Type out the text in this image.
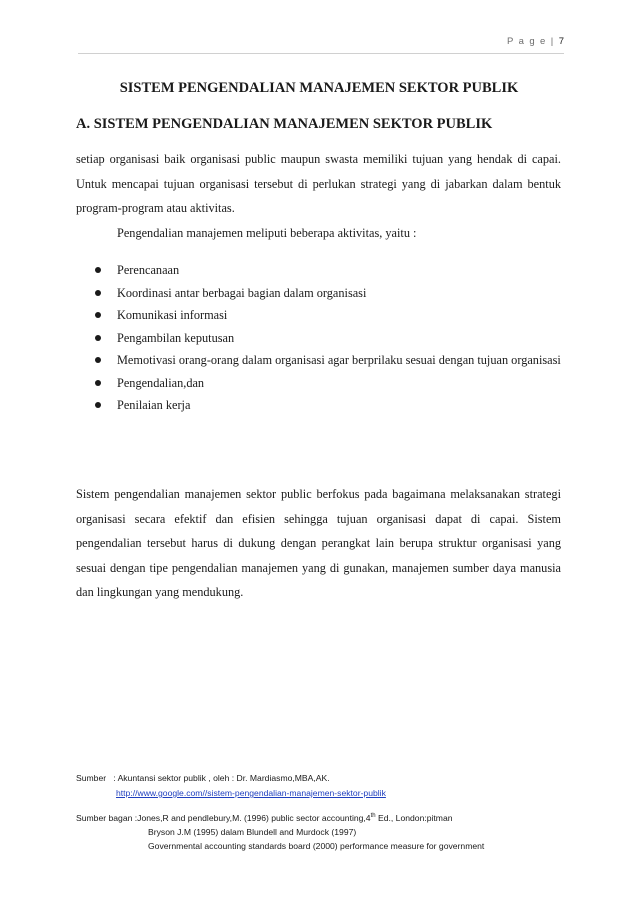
P a g e | 7
SISTEM PENGENDALIAN MANAJEMEN SEKTOR PUBLIK
A. SISTEM PENGENDALIAN MANAJEMEN SEKTOR PUBLIK

setiap organisasi baik organisasi public maupun swasta memiliki tujuan yang hendak di capai. Untuk mencapai tujuan organisasi tersebut di perlukan strategi yang di jabarkan dalam bentuk program-program atau aktivitas.

Pengendalian manajemen meliputi beberapa aktivitas, yaitu :

Perencanaan
Koordinasi antar berbagai bagian dalam organisasi
Komunikasi informasi
Pengambilan keputusan
Memotivasi orang-orang dalam organisasi agar berprilaku sesuai dengan tujuan organisasi
Pengendalian,dan
Penilaian kerja

Sistem pengendalian manajemen sektor public berfokus pada bagaimana melaksanakan strategi organisasi secara efektif dan efisien sehingga tujuan organisasi dapat di capai. Sistem pengendalian tersebut harus di dukung dengan perangkat lain berupa struktur organisasi yang sesuai dengan tipe pengendalian manajemen yang di gunakan, manajemen sumber daya manusia dan lingkungan yang mendukung.

Sumber : Akuntansi sektor publik , oleh : Dr. Mardiasmo,MBA,AK.

http://www.google.com//sistem-pengendalian-manajemen-sektor-publik

Sumber bagan :Jones,R and pendlebury,M. (1996) public sector accounting,4th Ed., London:pitman

Bryson J.M (1995) dalam Blundell and Murdock (1997)

Governmental accounting standards board (2000) performance measure for government
